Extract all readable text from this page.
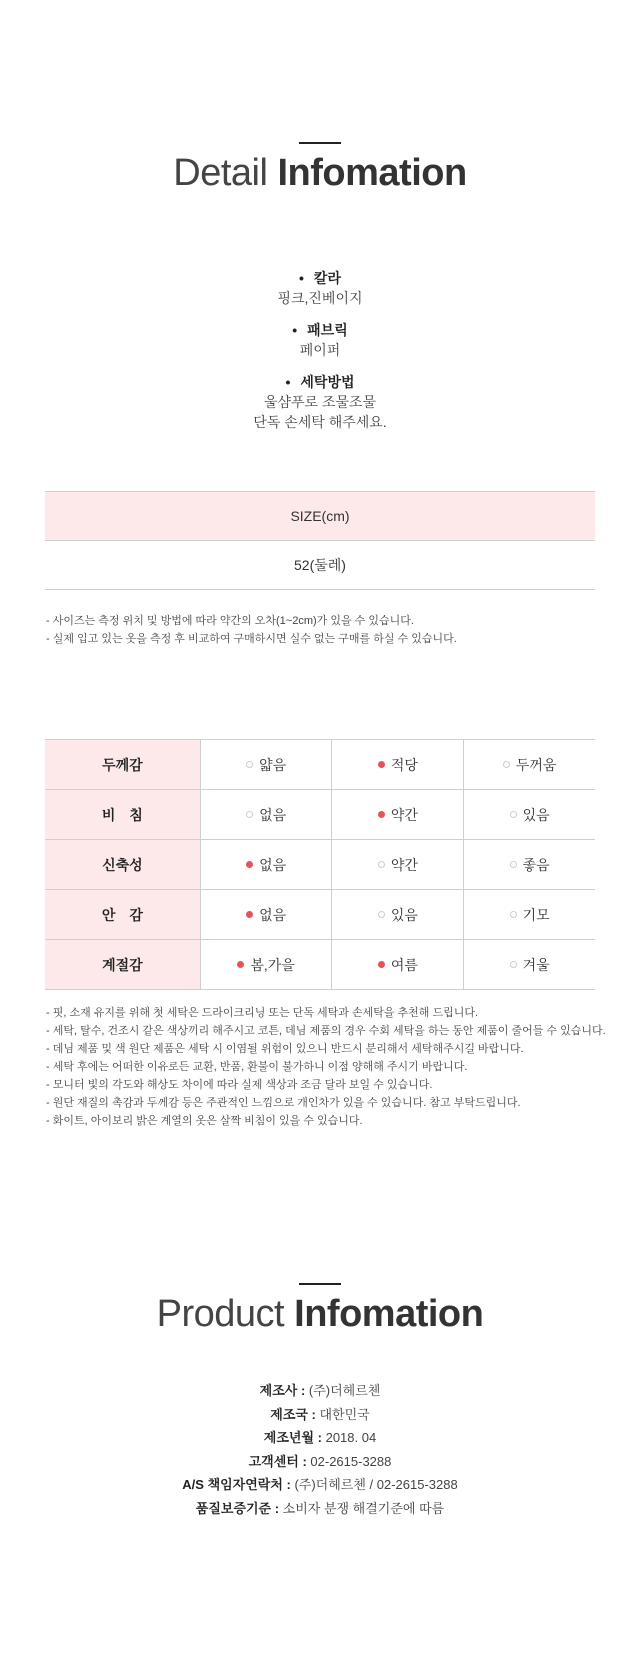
Detail Infomation
• 칼라
핑크,진베이지
• 패브릭
페이퍼
• 세탁방법
울샴푸로 조물조물
단독 손세탁 해주세요.
SIZE(cm)
52(둘레)
- 사이즈는 측정 위치 및 방법에 따라 약간의 오차(1~2cm)가 있을 수 있습니다.
- 실제 입고 있는 옷을 측정 후 비교하여 구매하시면 실수 없는 구매를 하실 수 있습니다.
두께감	얇음	적당	두꺼움
비　침	없음	약간	있음
신축성	없음	약간	좋음
안　감	없음	있음	기모
계절감	봄,가을	여름	겨울
- 핏, 소재 유지를 위해 첫 세탁은 드라이크리닝 또는 단독 세탁과 손세탁을 추천해 드립니다.
- 세탁, 탈수, 건조시 같은 색상끼리 해주시고 코튼, 데님 제품의 경우 수회 세탁을 하는 동안 제품이 줄어들 수 있습니다.
- 데님 제품 및 색 원단 제품은 세탁 시 이염될 위험이 있으니 반드시 분리해서 세탁해주시길 바랍니다.
- 세탁 후에는 어떠한 이유로든 교환, 반품, 환불이 불가하니 이점 양해해 주시기 바랍니다.
- 모니터 빛의 각도와 해상도 차이에 따라 실제 색상과 조금 달라 보일 수 있습니다.
- 원단 재질의 촉감과 두께감 등은 주관적인 느낌으로 개인차가 있을 수 있습니다. 참고 부탁드립니다.
- 화이트, 아이보리 밝은 계열의 옷은 살짝 비침이 있을 수 있습니다.
Product Infomation
제조사 : (주)더헤르첸
제조국 : 대한민국
제조년월 : 2018. 04
고객센터 : 02-2615-3288
A/S 책임자연락처 : (주)더헤르첸 / 02-2615-3288
품질보증기준 : 소비자 분쟁 해결기준에 따름
